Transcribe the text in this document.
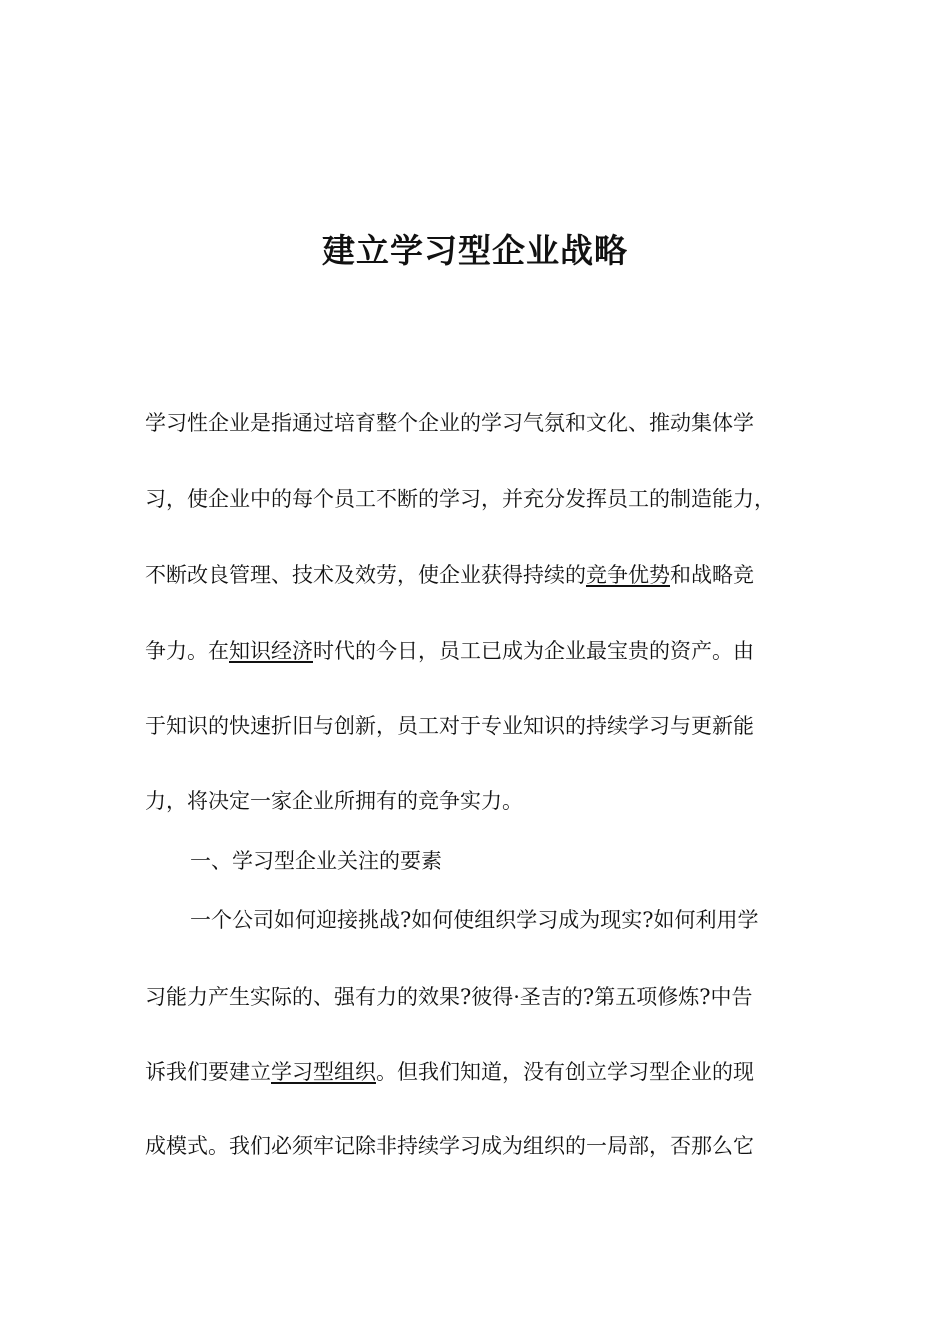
建立学习型企业战略

学习性企业是指通过培育整个企业的学习气氛和文化、推动集体学

习，使企业中的每个员工不断的学习，并充分发挥员工的制造能力，

不断改良管理、技术及效劳，使企业获得持续的竞争优势和战略竞

争力。在知识经济时代的今日，员工已成为企业最宝贵的资产。由

于知识的快速折旧与创新，员工对于专业知识的持续学习与更新能

力，将决定一家企业所拥有的竞争实力。

一、学习型企业关注的要素

一个公司如何迎接挑战?如何使组织学习成为现实?如何利用学

习能力产生实际的、强有力的效果?彼得·圣吉的?第五项修炼?中告

诉我们要建立学习型组织。但我们知道，没有创立学习型企业的现

成模式。我们必须牢记除非持续学习成为组织的一局部，否那么它
